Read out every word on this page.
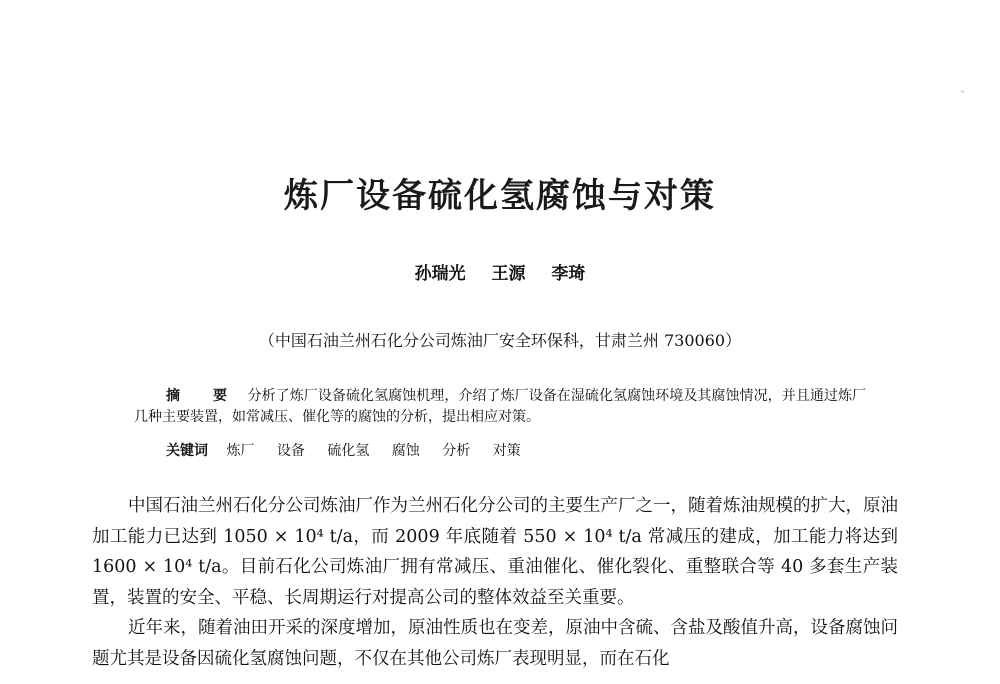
炼厂设备硫化氢腐蚀与对策
孙瑞光 王源 李琦
（中国石油兰州石化分公司炼油厂安全环保科，甘肃兰州 730060）
摘 要 分析了炼厂设备硫化氢腐蚀机理，介绍了炼厂设备在湿硫化氢腐蚀环境及其腐蚀情况，并且通过炼厂几种主要装置，如常减压、催化等的腐蚀的分析，提出相应对策。
关键词 炼厂 设备 硫化氢 腐蚀 分析 对策

中国石油兰州石化分公司炼油厂作为兰州石化分公司的主要生产厂之一，随着炼油规模的扩大，原油加工能力已达到 1050 × 10⁴ t/a，而 2009 年底随着 550 × 10⁴ t/a 常减压的建成，加工能力将达到 1600 × 10⁴ t/a。目前石化公司炼油厂拥有常减压、重油催化、催化裂化、重整联合等 40 多套生产装置，装置的安全、平稳、长周期运行对提高公司的整体效益至关重要。

近年来，随着油田开采的深度增加，原油性质也在变差，原油中含硫、含盐及酸值升高，设备腐蚀问题尤其是设备因硫化氢腐蚀问题，不仅在其他公司炼厂表现明显，而在石化
